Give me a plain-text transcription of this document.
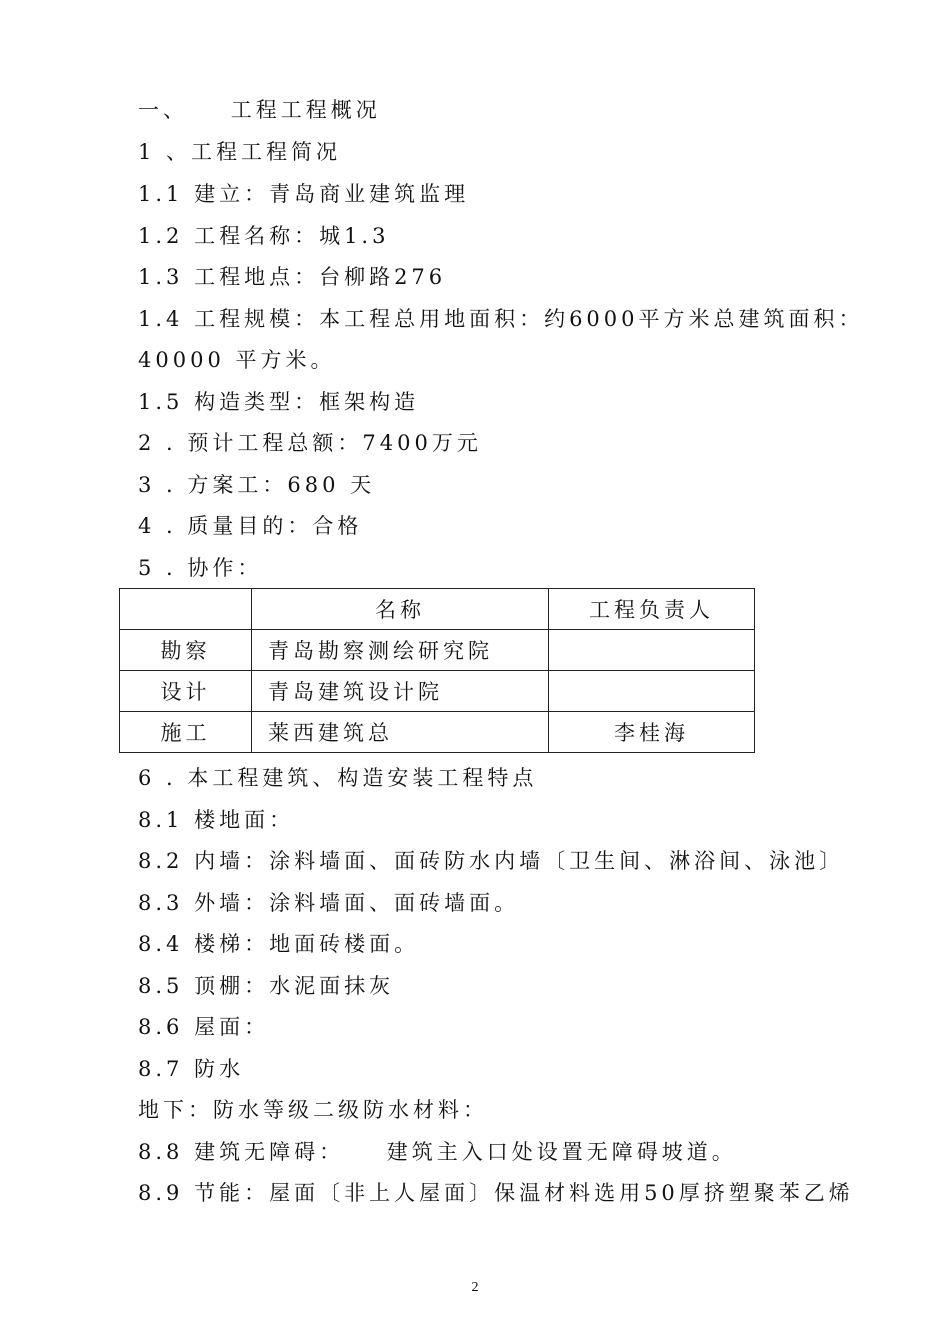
一、    工程工程概况
1 、工程工程简况
1.1 建立：青岛商业建筑监理
1.2 工程名称：城1.3
1.3 工程地点：台柳路276
1.4 工程规模：本工程总用地面积：约6000平方米总建筑面积：
40000 平方米。
1.5 构造类型：框架构造
2 . 预计工程总额：7400万元
3 . 方案工：680 天
4 . 质量目的：合格
5 . 协作：
	名称	工程负责人
勘察	青岛勘察测绘研究院	
设计	青岛建筑设计院	
施工	莱西建筑总	李桂海
6 . 本工程建筑、构造安装工程特点
8.1 楼地面：
8.2 内墙：涂料墙面、面砖防水内墙〔卫生间、淋浴间、泳池〕
8.3 外墙：涂料墙面、面砖墙面。
8.4 楼梯：地面砖楼面。
8.5 顶棚：水泥面抹灰
8.6 屋面：
8.7 防水
地下：防水等级二级防水材料：
8.8 建筑无障碍：    建筑主入口处设置无障碍坡道。
8.9 节能：屋面〔非上人屋面〕保温材料选用50厚挤塑聚苯乙烯
2
